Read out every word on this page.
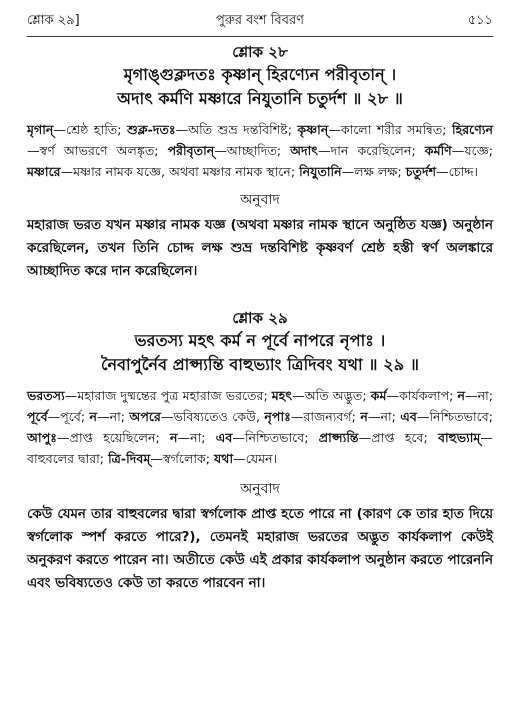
শ্লোক ২৯]	পুরুর বংশ বিবরণ	৫১১
শ্লোক ২৮
মৃগাঙ্গুক্লদতঃ কৃষ্ণান্ হিরণ্যেন পরীবৃতান্ ।
অদাৎ কর্মণি মষ্ণারে নিযুতানি চতুর্দশ ॥ ২৮ ॥
মৃগান্—শ্রেষ্ঠ হাতি; শুক্ল-দতঃ—অতি শুভ্র দন্তবিশিষ্ট; কৃষ্ণান্—কালো শরীর সমন্বিত; হিরণ্যেন—স্বর্ণ আভরণে অলঙ্কৃত; পরীবৃতান্—আচ্ছাদিত; অদাৎ—দান করেছিলেন; কর্মণি—যজ্ঞে; মষ্ণারে—মষ্ণার নামক যজ্ঞে, অথবা মষ্ণার নামক স্থানে; নিযুতানি—লক্ষ লক্ষ; চতুর্দশ—চোদ্দ।
অনুবাদ
মহারাজ ভরত যখন মষ্ণার নামক যজ্ঞ (অথবা মষ্ণার নামক স্থানে অনুষ্ঠিত যজ্ঞ) অনুষ্ঠান করেছিলেন, তখন তিনি চোদ্দ লক্ষ শুভ্র দন্তবিশিষ্ট কৃষ্ণবর্ণ শ্রেষ্ঠ হস্তী স্বর্ণ অলঙ্কারে আচ্ছাদিত করে দান করেছিলেন।
শ্লোক ২৯
ভরতস্য মহৎ কর্ম ন পূর্বে নাপরে নৃপাঃ ।
নৈবাপুর্নৈব প্রাপ্স্যন্তি বাহুভ্যাং ত্রিদিবং যথা ॥ ২৯ ॥
ভরতস্য—মহারাজ দুষ্মন্তের পুত্র মহারাজ ভরতের; মহৎ—অতি অদ্ভুত; কর্ম—কার্যকলাপ; ন—না; পূর্বে—পূর্বে; ন—না; অপরে—ভবিষ্যতেও কেউ, নৃপাঃ—রাজন্যবর্গ; ন—না; এব—নিশ্চিতভাবে; আপুঃ—প্রাপ্ত হয়েছিলেন; ন—না; এব—নিশ্চিতভাবে; প্রাপ্স্যন্তি—প্রাপ্ত হবে; বাহুভ্যাম্—বাহুবলের দ্বারা; ত্রি-দিবম্—স্বর্গলোক; যথা—যেমন।
অনুবাদ
কেউ যেমন তার বাহুবলের দ্বারা স্বর্গলোক প্রাপ্ত হতে পারে না (কারণ কে তার হাত দিয়ে স্বর্গলোক স্পর্শ করতে পারে?), তেমনই মহারাজ ভরতের অদ্ভুত কার্যকলাপ কেউই অনুকরণ করতে পারেন না। অতীতে কেউ এই প্রকার কার্যকলাপ অনুষ্ঠান করতে পারেননি এবং ভবিষ্যতেও কেউ তা করতে পারবেন না।
